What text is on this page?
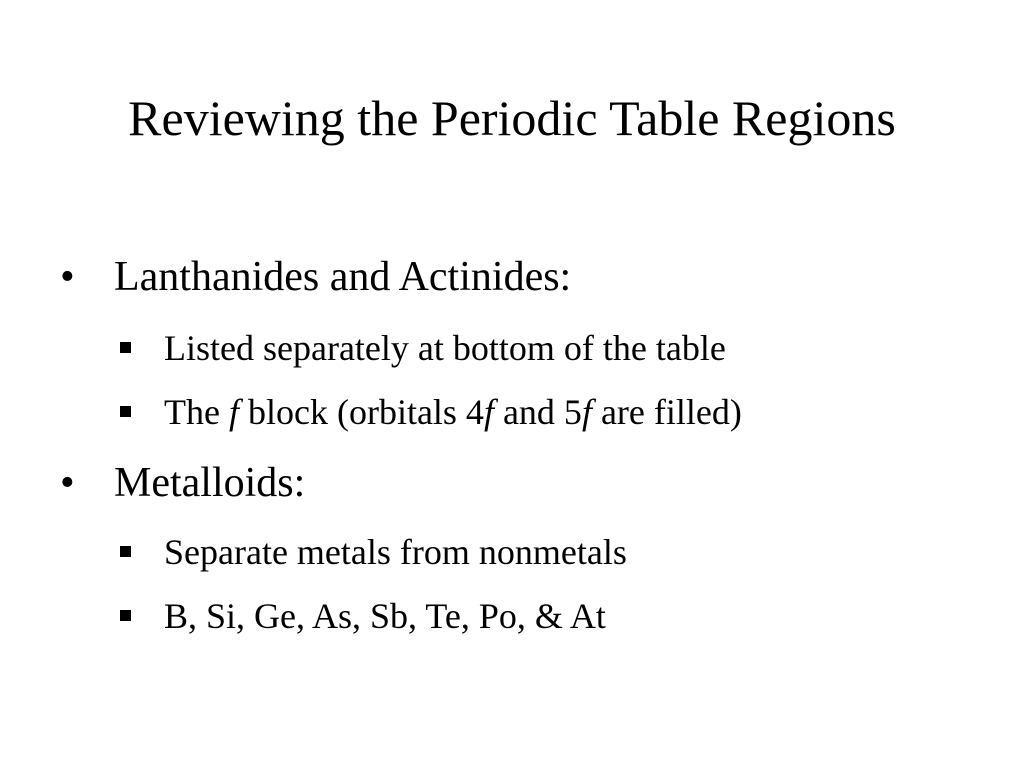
Reviewing the Periodic Table Regions
• Lanthanides and Actinides:
Listed separately at bottom of the table
The f block (orbitals 4f and 5f are filled)
• Metalloids:
Separate metals from nonmetals
B, Si, Ge, As, Sb, Te, Po, & At
